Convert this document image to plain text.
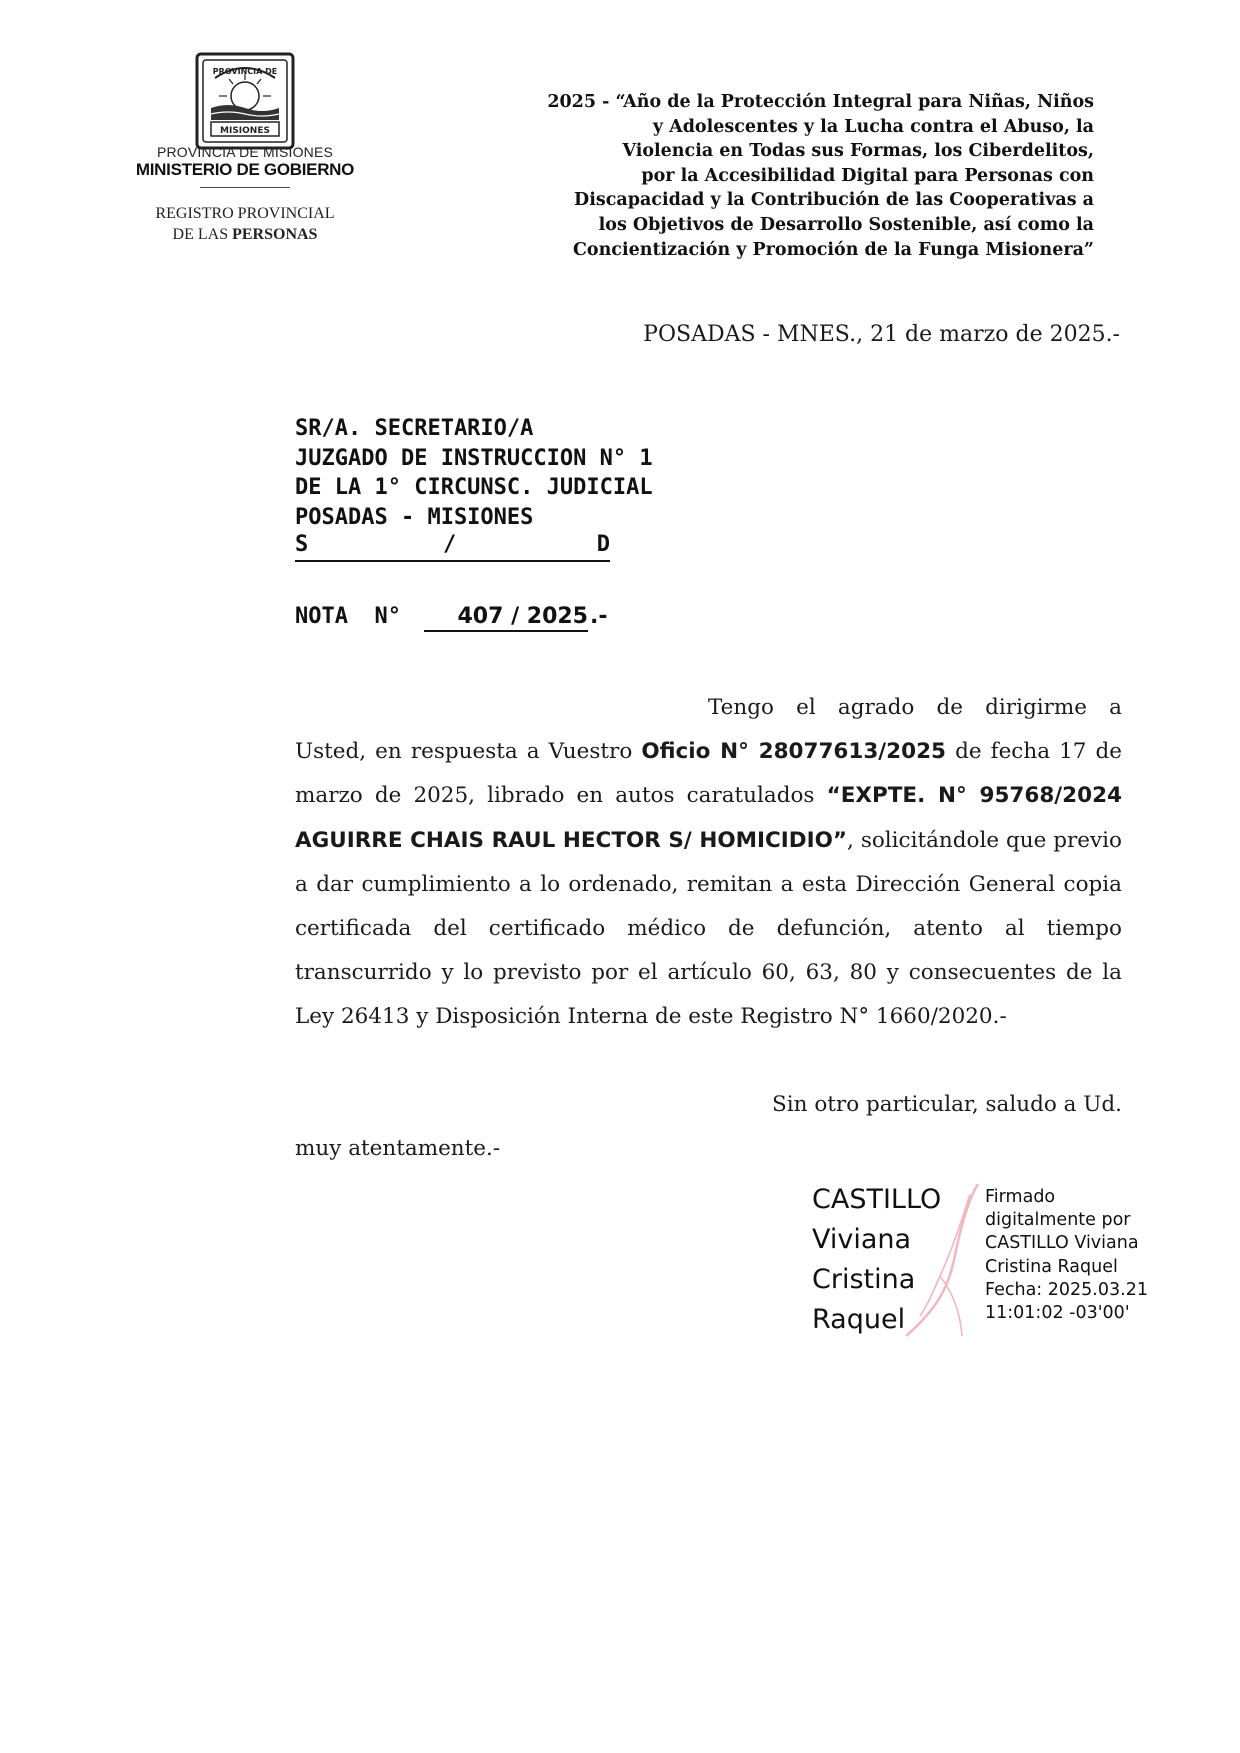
PROVINCIA DE
MISIONES
PROVINCIA DE MISIONES
MINISTERIO DE GOBIERNO
REGISTRO PROVINCIAL
DE LAS PERSONAS
2025 - “Año de la Protección Integral para Niñas, Niños
y Adolescentes y la Lucha contra el Abuso, la
Violencia en Todas sus Formas, los Ciberdelitos,
por la Accesibilidad Digital para Personas con
Discapacidad y la Contribución de las Cooperativas a
los Objetivos de Desarrollo Sostenible, así como la
Concientización y Promoción de la Funga Misionera”
POSADAS - MNES., 21 de marzo de 2025.-
SR/A. SECRETARIO/A
JUZGADO DE INSTRUCCION N° 1
DE LA 1° CIRCUNSC. JUDICIAL
POSADAS - MISIONES
S	/	D
NOTA  N°	407 / 2025 .-
Tengo el agrado de dirigirme a Usted, en respuesta a Vuestro Oficio N° 28077613/2025 de fecha 17 de marzo de 2025, librado en autos caratulados “EXPTE. N° 95768/2024 AGUIRRE CHAIS RAUL HECTOR S/ HOMICIDIO”, solicitándole que previo a dar cumplimiento a lo ordenado, remitan a esta Dirección General copia certificada del certificado médico de defunción, atento al tiempo transcurrido y lo previsto por el artículo 60, 63, 80 y consecuentes de la Ley 26413 y Disposición Interna de este Registro N° 1660/2020.-
Sin otro particular, saludo a Ud.
muy atentamente.-
CASTILLO
Viviana
Cristina
Raquel
Firmado
digitalmente por
CASTILLO Viviana
Cristina Raquel
Fecha: 2025.03.21
11:01:02 -03'00'
